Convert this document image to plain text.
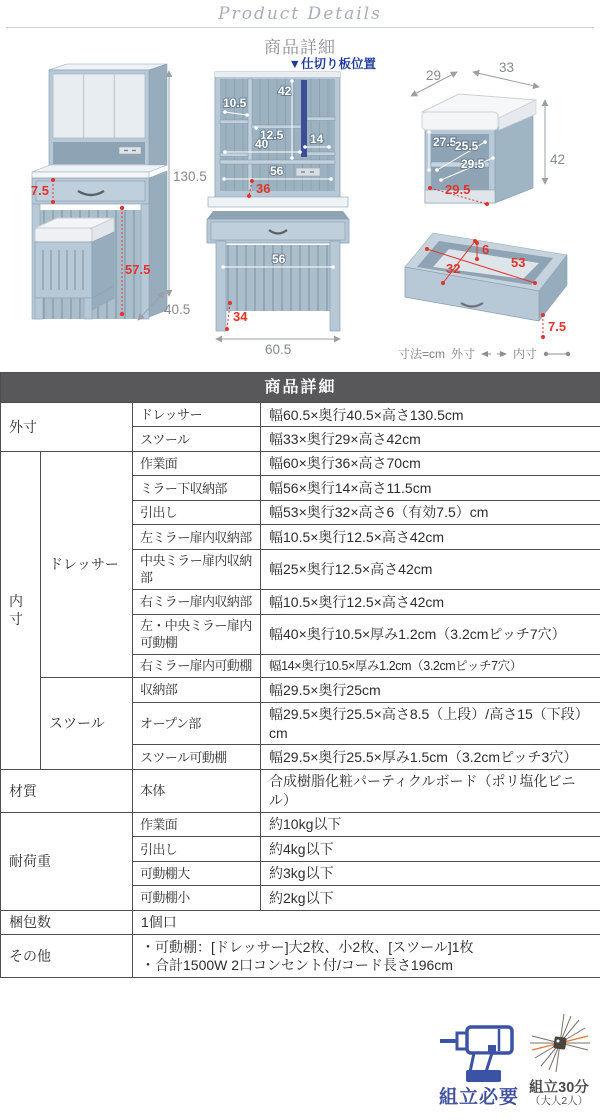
Product Details
商品詳細
130.5
40.5
7.5
57.5
▼仕切り板位置
42
10.5
12.5
40	14
56
56
36
34
60.5
29
33
42
27.5
25.5
29.5
29.5
6
32	53
7.5
寸法=cm 外寸	内寸
商品詳細			
外寸		ドレッサー	幅60.5×奥行40.5×高さ130.5cm
		スツール	幅33×奥行29×高さ42cm
内寸	ドレッサー	作業面	幅60×奥行36×高さ70cm
		ミラー下収納部	幅56×奥行14×高さ11.5cm
		引出し	幅53×奥行32×高さ6（有効7.5）cm
		左ミラー扉内収納部	幅10.5×奥行12.5×高さ42cm
		中央ミラー扉内収納部	幅25×奥行12.5×高さ42cm
		右ミラー扉内収納部	幅10.5×奥行12.5×高さ42cm
		左・中央ミラー扉内可動棚	幅40×奥行10.5×厚み1.2cm（3.2cmピッチ7穴）
		右ミラー扉内可動棚	幅14×奥行10.5×厚み1.2cm（3.2cmピッチ7穴）
	スツール	収納部	幅29.5×奥行25cm
		オープン部	幅29.5×奥行25.5×高さ8.5（上段）/高さ15（下段）cm
		スツール可動棚	幅29.5×奥行25.5×厚み1.5cm（3.2cmピッチ3穴）
材質		本体	合成樹脂化粧パーティクルボード（ポリ塩化ビニル）
耐荷重		作業面	約10kg以下
		引出し	約4kg以下
		可動棚大	約3kg以下
		可動棚小	約2kg以下
梱包数		1個口	
その他		・可動棚：[ドレッサー]大2枚、小2枚、[スツール]1枚
・合計1500W 2口コンセント付/コード長さ196cm	
組立必要 組立30分
（大人2人）
